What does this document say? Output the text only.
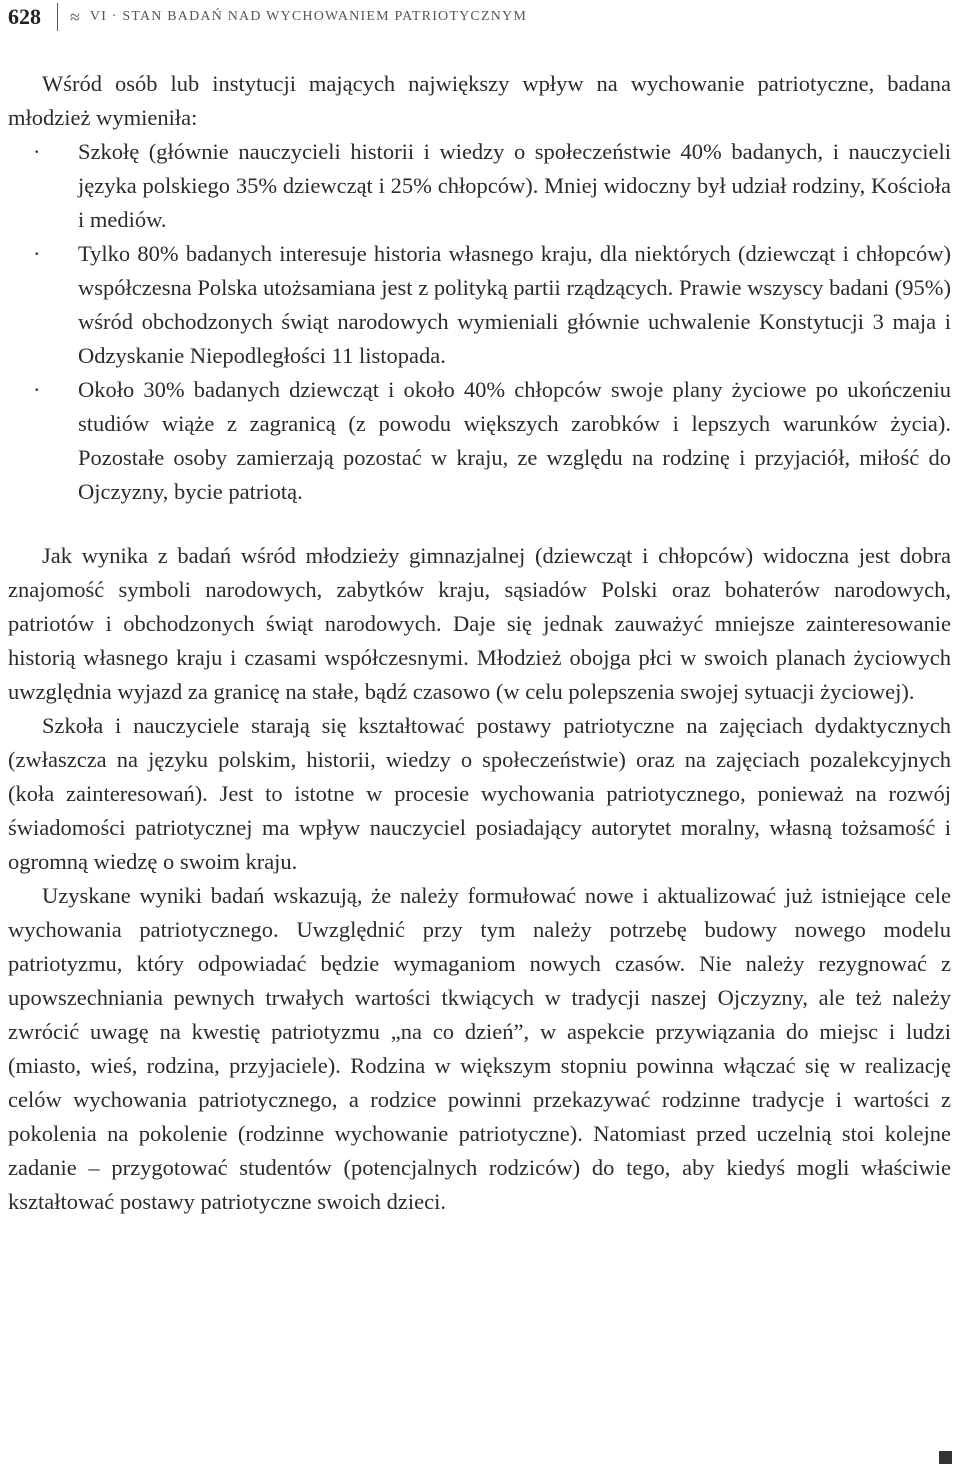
628	≈ VI · STAN BADAŃ NAD WYCHOWANIEM PATRIOTYCZNYM

Wśród osób lub instytucji mających największy wpływ na wychowanie patriotyczne, badana młodzież wymieniła:

· Szkołę (głównie nauczycieli historii i wiedzy o społeczeństwie 40% badanych, i nauczycieli języka polskiego 35% dziewcząt i 25% chłopców). Mniej widoczny był udział rodziny, Kościoła i mediów.
· Tylko 80% badanych interesuje historia własnego kraju, dla niektórych (dziewcząt i chłopców) współczesna Polska utożsamiana jest z polityką partii rządzących. Prawie wszyscy badani (95%) wśród obchodzonych świąt narodowych wymieniali głównie uchwalenie Konstytucji 3 maja i Odzyskanie Niepodległości 11 listopada.
· Około 30% badanych dziewcząt i około 40% chłopców swoje plany życiowe po ukończeniu studiów wiąże z zagranicą (z powodu większych zarobków i lepszych warunków życia). Pozostałe osoby zamierzają pozostać w kraju, ze względu na rodzinę i przyjaciół, miłość do Ojczyzny, bycie patriotą.

Jak wynika z badań wśród młodzieży gimnazjalnej (dziewcząt i chłopców) widoczna jest dobra znajomość symboli narodowych, zabytków kraju, sąsiadów Polski oraz bohaterów narodowych, patriotów i obchodzonych świąt narodowych. Daje się jednak zauważyć mniejsze zainteresowanie historią własnego kraju i czasami współczesnymi. Młodzież obojga płci w swoich planach życiowych uwzględnia wyjazd za granicę na stałe, bądź czasowo (w celu polepszenia swojej sytuacji życiowej).

Szkoła i nauczyciele starają się kształtować postawy patriotyczne na zajęciach dydaktycznych (zwłaszcza na języku polskim, historii, wiedzy o społeczeństwie) oraz na zajęciach pozalekcyjnych (koła zainteresowań). Jest to istotne w procesie wychowania patriotycznego, ponieważ na rozwój świadomości patriotycznej ma wpływ nauczyciel posiadający autorytet moralny, własną tożsamość i ogromną wiedzę o swoim kraju.

Uzyskane wyniki badań wskazują, że należy formułować nowe i aktualizować już istniejące cele wychowania patriotycznego. Uwzględnić przy tym należy potrzebę budowy nowego modelu patriotyzmu, który odpowiadać będzie wymaganiom nowych czasów. Nie należy rezygnować z upowszechniania pewnych trwałych wartości tkwiących w tradycji naszej Ojczyzny, ale też należy zwrócić uwagę na kwestię patriotyzmu „na co dzień”, w aspekcie przywiązania do miejsc i ludzi (miasto, wieś, rodzina, przyjaciele). Rodzina w większym stopniu powinna włączać się w realizację celów wychowania patriotycznego, a rodzice powinni przekazywać rodzinne tradycje i wartości z pokolenia na pokolenie (rodzinne wychowanie patriotyczne). Natomiast przed uczelnią stoi kolejne zadanie – przygotować studentów (potencjalnych rodziców) do tego, aby kiedyś mogli właściwie kształtować postawy patriotyczne swoich dzieci.
